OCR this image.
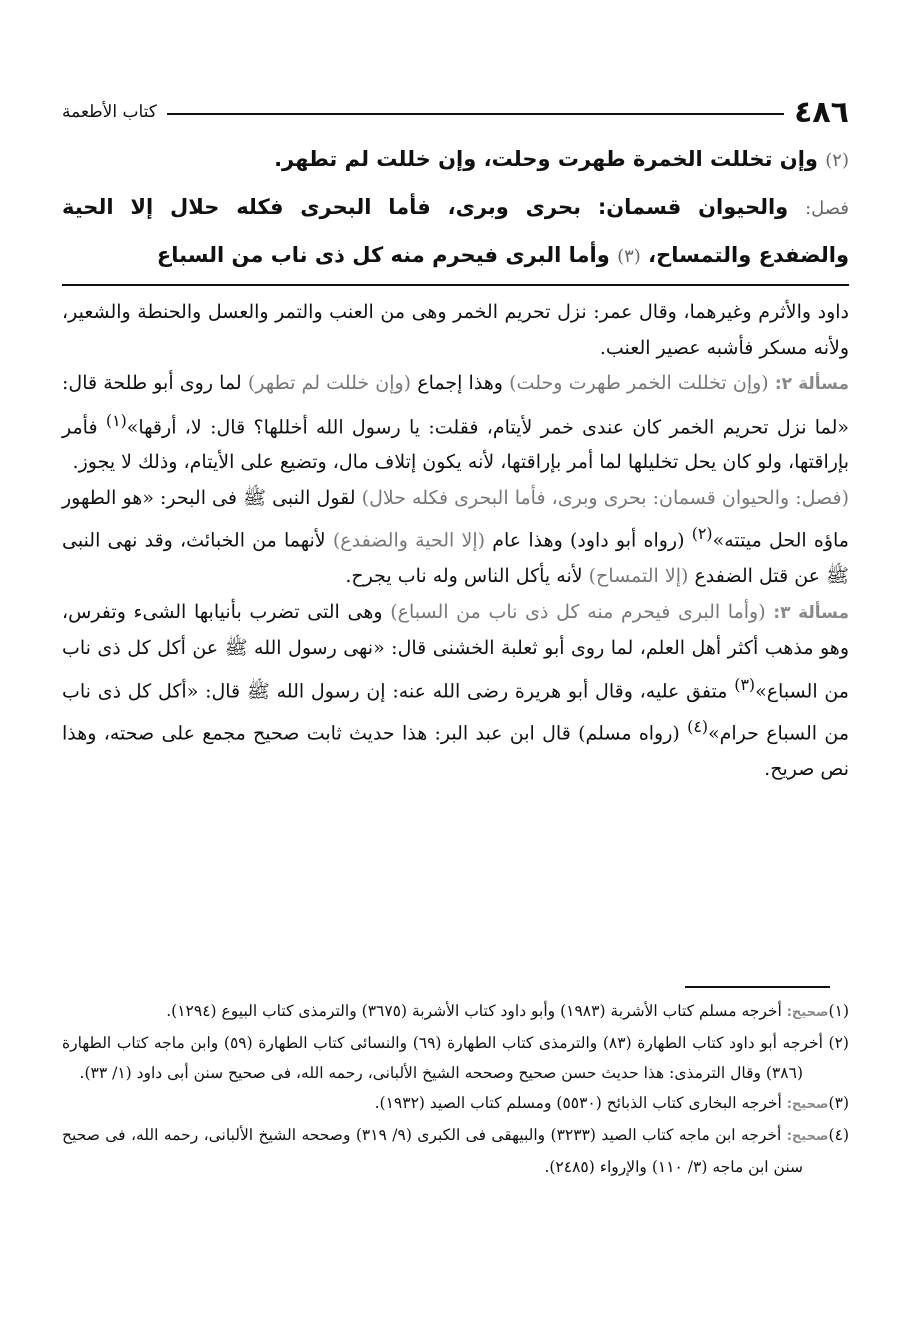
٤٨٦
كتاب الأطعمة

(٢) وإن تخللت الخمرة طهرت وحلت، وإن خللت لم تطهر.

فصل: والحيوان قسمان: بحرى وبرى، فأما البحرى فكله حلال إلا الحية والضفدع والتمساح، (٣) وأما البرى فيحرم منه كل ذى ناب من السباع

داود والأثرم وغيرهما، وقال عمر: نزل تحريم الخمر وهى من العنب والتمر والعسل والحنطة والشعير، ولأنه مسكر فأشبه عصير العنب.

مسألة ٢: (وإن تخللت الخمر طهرت وحلت) وهذا إجماع (وإن خللت لم تطهر) لما روى أبو طلحة قال: «لما نزل تحريم الخمر كان عندى خمر لأيتام، فقلت: يا رسول الله أخللها؟ قال: لا، أرقها»$^{(١)}$ فأمر بإراقتها، ولو كان يحل تخليلها لما أمر بإراقتها، لأنه يكون إتلاف مال، وتضيع على الأيتام، وذلك لا يجوز.

(فصل: والحيوان قسمان: بحرى وبرى، فأما البحرى فكله حلال) لقول النبى ﷺ فى البحر: «هو الطهور ماؤه الحل ميتته»$^{(٢)}$ (رواه أبو داود) وهذا عام (إلا الحية والضفدع) لأنهما من الخبائث، وقد نهى النبى ﷺ عن قتل الضفدع (إلا التمساح) لأنه يأكل الناس وله ناب يجرح.

مسألة ٣: (وأما البرى فيحرم منه كل ذى ناب من السباع) وهى التى تضرب بأنيابها الشىء وتفرس، وهو مذهب أكثر أهل العلم، لما روى أبو ثعلبة الخشنى قال: «نهى رسول الله ﷺ عن أكل كل ذى ناب من السباع»$^{(٣)}$ متفق عليه، وقال أبو هريرة رضى الله عنه: إن رسول الله ﷺ قال: «أكل كل ذى ناب من السباع حرام»$^{(٤)}$ (رواه مسلم) قال ابن عبد البر: هذا حديث ثابت صحيح مجمع على صحته، وهذا نص صريح.

(١)صحيح: أخرجه مسلم كتاب الأشربة (١٩٨٣) وأبو داود كتاب الأشربة (٣٦٧٥) والترمذى كتاب البيوع (١٢٩٤).

(٢) أخرجه أبو داود كتاب الطهارة (٨٣) والترمذى كتاب الطهارة (٦٩) والنسائى كتاب الطهارة (٥٩) وابن ماجه كتاب الطهارة (٣٨٦) وقال الترمذى: هذا حديث حسن صحيح وصححه الشيخ الألبانى، رحمه الله، فى صحيح سنن أبى داود (١/ ٣٣).

(٣)صحيح: أخرجه البخارى كتاب الذبائح (٥٥٣٠) ومسلم كتاب الصيد (١٩٣٢).

(٤)صحيح: أخرجه ابن ماجه كتاب الصيد (٣٢٣٣) والبيهقى فى الكبرى (٩/ ٣١٩) وصححه الشيخ الألبانى، رحمه الله، فى صحيح سنن ابن ماجه (٣/ ١١٠) والإرواء (٢٤٨٥).
